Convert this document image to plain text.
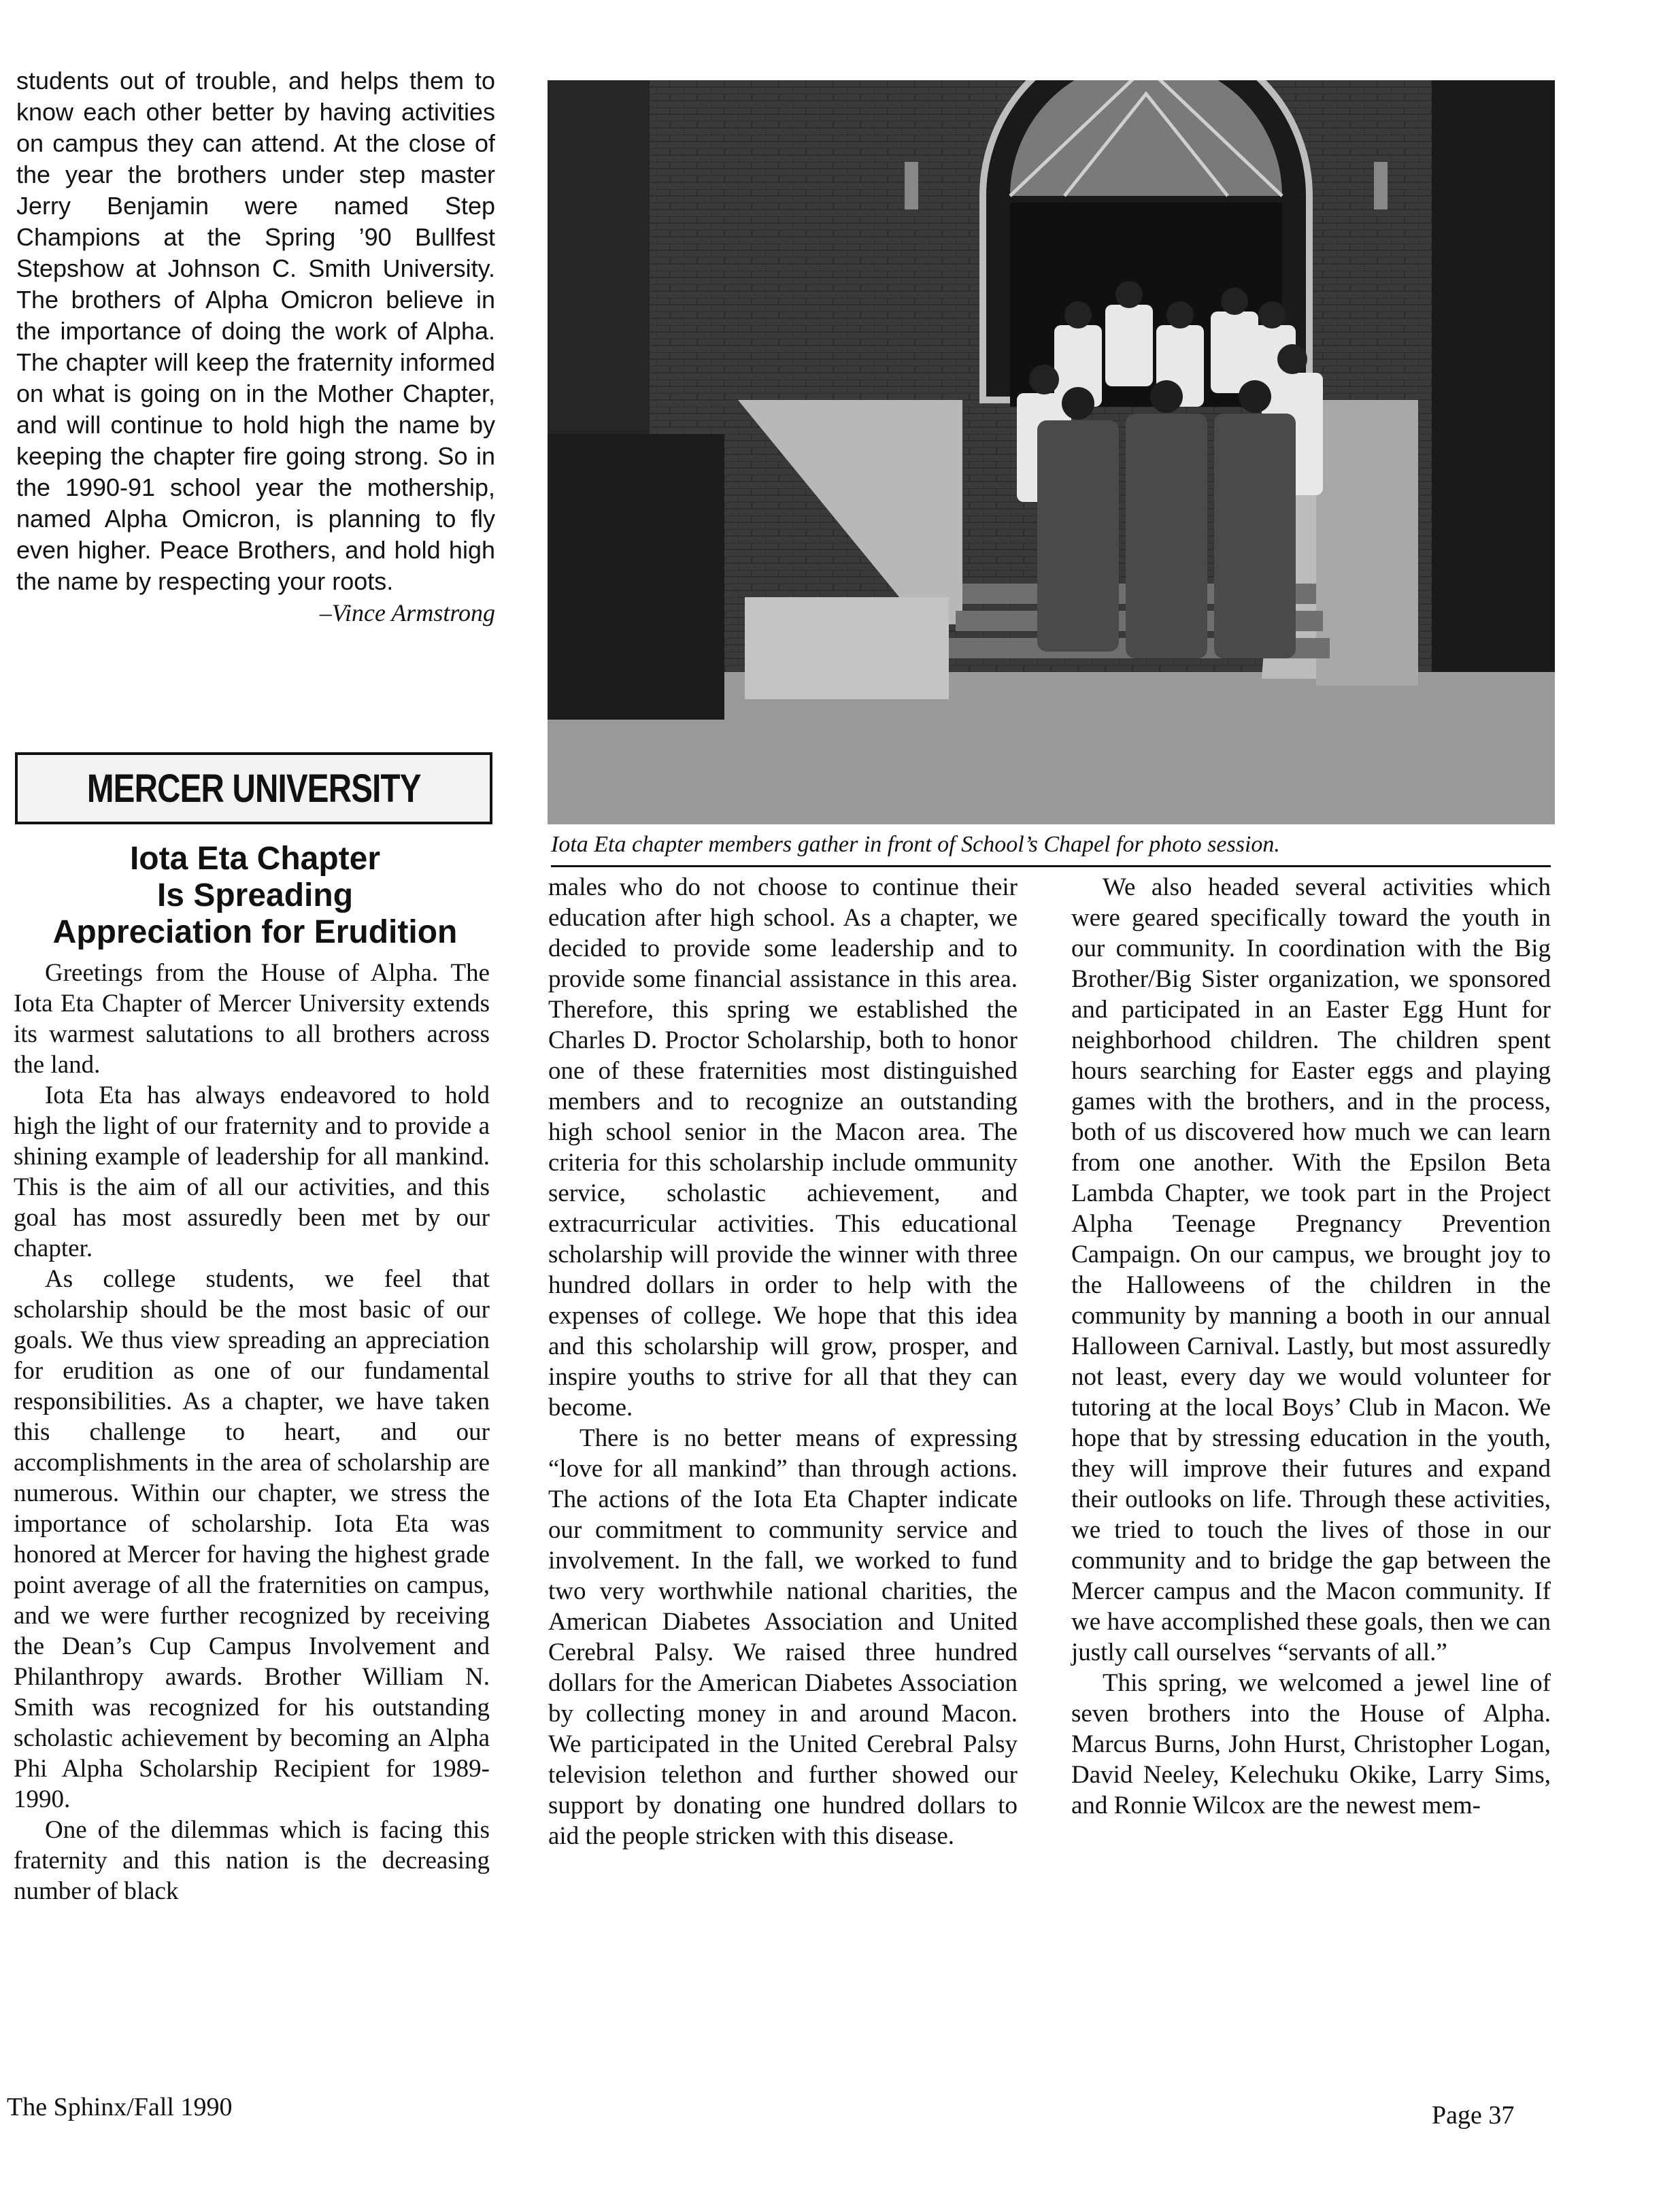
students out of trouble, and helps them to know each other better by having activities on campus they can attend. At the close of the year the brothers under step master Jerry Benjamin were named Step Champions at the Spring ’90 Bullfest Stepshow at Johnson C. Smith University. The brothers of Alpha Omicron believe in the importance of doing the work of Alpha. The chapter will keep the fraternity informed on what is going on in the Mother Chapter, and will continue to hold high the name by keeping the chapter fire going strong. So in the 1990-91 school year the mothership, named Alpha Omicron, is planning to fly even higher. Peace Brothers, and hold high the name by respecting your roots.

–Vince Armstrong
MERCER UNIVERSITY
Iota Eta Chapter
Is Spreading
Appreciation for Erudition

Greetings from the House of Alpha. The Iota Eta Chapter of Mercer University extends its warmest salutations to all brothers across the land.

Iota Eta has always endeavored to hold high the light of our fraternity and to provide a shining example of leadership for all mankind. This is the aim of all our activities, and this goal has most assuredly been met by our chapter.

As college students, we feel that scholarship should be the most basic of our goals. We thus view spreading an appreciation for erudition as one of our fundamental responsibilities. As a chapter, we have taken this challenge to heart, and our accomplishments in the area of scholarship are numerous. Within our chapter, we stress the importance of scholarship. Iota Eta was honored at Mercer for having the highest grade point average of all the fraternities on campus, and we were further recognized by receiving the Dean’s Cup Campus Involvement and Philanthropy awards. Brother William N. Smith was recognized for his outstanding scholastic achievement by becoming an Alpha Phi Alpha Scholarship Recipient for 1989-1990.

One of the dilemmas which is facing this fraternity and this nation is the decreasing number of black

Iota Eta chapter members gather in front of School’s Chapel for photo session.

males who do not choose to continue their education after high school. As a chapter, we decided to provide some leadership and to provide some financial assistance in this area. Therefore, this spring we established the Charles D. Proctor Scholarship, both to honor one of these fraternities most distinguished members and to recognize an outstanding high school senior in the Macon area. The criteria for this scholarship include ommunity service, scholastic achievement, and extracurricular activities. This educational scholarship will provide the winner with three hundred dollars in order to help with the expenses of college. We hope that this idea and this scholarship will grow, prosper, and inspire youths to strive for all that they can become.

There is no better means of expressing “love for all mankind” than through actions. The actions of the Iota Eta Chapter indicate our commitment to community service and involvement. In the fall, we worked to fund two very worthwhile national charities, the American Diabetes Association and United Cerebral Palsy. We raised three hundred dollars for the American Diabetes Association by collecting money in and around Macon. We participated in the United Cerebral Palsy television telethon and further showed our support by donating one hundred dollars to aid the people stricken with this disease.

We also headed several activities which were geared specifically toward the youth in our community. In coordination with the Big Brother/Big Sister organization, we sponsored and participated in an Easter Egg Hunt for neighborhood children. The children spent hours searching for Easter eggs and playing games with the brothers, and in the process, both of us discovered how much we can learn from one another. With the Epsilon Beta Lambda Chapter, we took part in the Project Alpha Teenage Pregnancy Prevention Campaign. On our campus, we brought joy to the Halloweens of the children in the community by manning a booth in our annual Halloween Carnival. Lastly, but most assuredly not least, every day we would volunteer for tutoring at the local Boys’ Club in Macon. We hope that by stressing education in the youth, they will improve their futures and expand their outlooks on life. Through these activities, we tried to touch the lives of those in our community and to bridge the gap between the Mercer campus and the Macon community. If we have accomplished these goals, then we can justly call ourselves “servants of all.”

This spring, we welcomed a jewel line of seven brothers into the House of Alpha. Marcus Burns, John Hurst, Christopher Logan, David Neeley, Kelechuku Okike, Larry Sims, and Ronnie Wilcox are the newest mem-

The Sphinx/Fall 1990	Page 37
